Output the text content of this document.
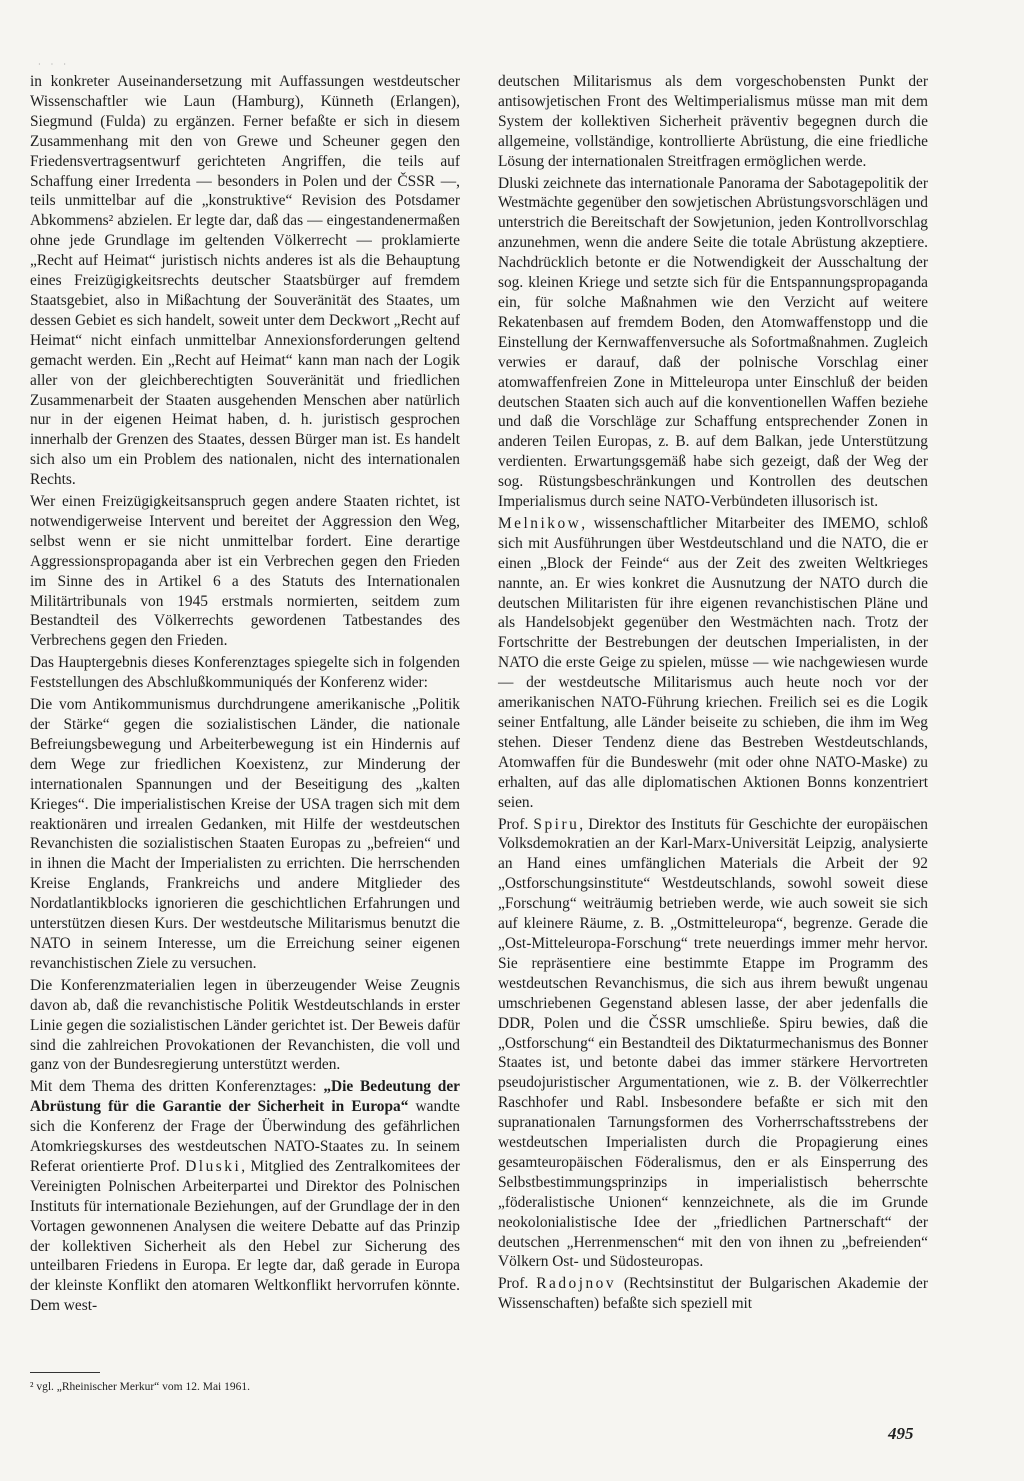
· · ·

in konkreter Auseinandersetzung mit Auffassungen westdeutscher Wissenschaftler wie Laun (Hamburg), Künneth (Erlangen), Siegmund (Fulda) zu ergänzen. Ferner befaßte er sich in diesem Zusammenhang mit den von Grewe und Scheuner gegen den Friedensvertragsentwurf gerichteten Angriffen, die teils auf Schaffung einer Irredenta — besonders in Polen und der ČSSR —, teils unmittelbar auf die „konstruktive“ Revision des Potsdamer Abkommens² abzielen. Er legte dar, daß das — eingestandenermaßen ohne jede Grundlage im geltenden Völkerrecht — proklamierte „Recht auf Heimat“ juristisch nichts anderes ist als die Behauptung eines Freizügigkeitsrechts deutscher Staatsbürger auf fremdem Staatsgebiet, also in Mißachtung der Souveränität des Staates, um dessen Gebiet es sich handelt, soweit unter dem Deckwort „Recht auf Heimat“ nicht einfach unmittelbar Annexionsforderungen geltend gemacht werden. Ein „Recht auf Heimat“ kann man nach der Logik aller von der gleichberechtigten Souveränität und friedlichen Zusammenarbeit der Staaten ausgehenden Menschen aber natürlich nur in der eigenen Heimat haben, d. h. juristisch gesprochen innerhalb der Grenzen des Staates, dessen Bürger man ist. Es handelt sich also um ein Problem des nationalen, nicht des internationalen Rechts.

Wer einen Freizügigkeitsanspruch gegen andere Staaten richtet, ist notwendigerweise Intervent und bereitet der Aggression den Weg, selbst wenn er sie nicht unmittelbar fordert. Eine derartige Aggressionspropaganda aber ist ein Verbrechen gegen den Frieden im Sinne des in Artikel 6 a des Statuts des Internationalen Militärtribunals von 1945 erstmals normierten, seitdem zum Bestandteil des Völkerrechts gewordenen Tatbestandes des Verbrechens gegen den Frieden.

Das Hauptergebnis dieses Konferenztages spiegelte sich in folgenden Feststellungen des Abschlußkommuniqués der Konferenz wider:

Die vom Antikommunismus durchdrungene amerikanische „Politik der Stärke“ gegen die sozialistischen Länder, die nationale Befreiungsbewegung und Arbeiterbewegung ist ein Hindernis auf dem Wege zur friedlichen Koexistenz, zur Minderung der internationalen Spannungen und der Beseitigung des „kalten Krieges“. Die imperialistischen Kreise der USA tragen sich mit dem reaktionären und irrealen Gedanken, mit Hilfe der westdeutschen Revanchisten die sozialistischen Staaten Europas zu „befreien“ und in ihnen die Macht der Imperialisten zu errichten. Die herrschenden Kreise Englands, Frankreichs und andere Mitglieder des Nordatlantikblocks ignorieren die geschichtlichen Erfahrungen und unterstützen diesen Kurs. Der westdeutsche Militarismus benutzt die NATO in seinem Interesse, um die Erreichung seiner eigenen revanchistischen Ziele zu versuchen.

Die Konferenzmaterialien legen in überzeugender Weise Zeugnis davon ab, daß die revanchistische Politik Westdeutschlands in erster Linie gegen die sozialistischen Länder gerichtet ist. Der Beweis dafür sind die zahlreichen Provokationen der Revanchisten, die voll und ganz von der Bundesregierung unterstützt werden.

Mit dem Thema des dritten Konferenztages: „Die Bedeutung der Abrüstung für die Garantie der Sicherheit in Europa“ wandte sich die Konferenz der Frage der Überwindung des gefährlichen Atomkriegskurses des westdeutschen NATO-Staates zu. In seinem Referat orientierte Prof. Dluski, Mitglied des Zentralkomitees der Vereinigten Polnischen Arbeiterpartei und Direktor des Polnischen Instituts für internationale Beziehungen, auf der Grundlage der in den Vortagen gewonnenen Analysen die weitere Debatte auf das Prinzip der kollektiven Sicherheit als den Hebel zur Sicherung des unteilbaren Friedens in Europa. Er legte dar, daß gerade in Europa der kleinste Konflikt den atomaren Weltkonflikt hervorrufen könnte. Dem west-

² vgl. „Rheinischer Merkur“ vom 12. Mai 1961.

deutschen Militarismus als dem vorgeschobensten Punkt der antisowjetischen Front des Weltimperialismus müsse man mit dem System der kollektiven Sicherheit präventiv begegnen durch die allgemeine, vollständige, kontrollierte Abrüstung, die eine friedliche Lösung der internationalen Streitfragen ermöglichen werde.

Dluski zeichnete das internationale Panorama der Sabotagepolitik der Westmächte gegenüber den sowjetischen Abrüstungsvorschlägen und unterstrich die Bereitschaft der Sowjetunion, jeden Kontrollvorschlag anzunehmen, wenn die andere Seite die totale Abrüstung akzeptiere. Nachdrücklich betonte er die Notwendigkeit der Ausschaltung der sog. kleinen Kriege und setzte sich für die Entspannungspropaganda ein, für solche Maßnahmen wie den Verzicht auf weitere Rekatenbasen auf fremdem Boden, den Atomwaffenstopp und die Einstellung der Kernwaffenversuche als Sofortmaßnahmen. Zugleich verwies er darauf, daß der polnische Vorschlag einer atomwaffenfreien Zone in Mitteleuropa unter Einschluß der beiden deutschen Staaten sich auch auf die konventionellen Waffen beziehe und daß die Vorschläge zur Schaffung entsprechender Zonen in anderen Teilen Europas, z. B. auf dem Balkan, jede Unterstützung verdienten. Erwartungsgemäß habe sich gezeigt, daß der Weg der sog. Rüstungsbeschränkungen und Kontrollen des deutschen Imperialismus durch seine NATO-Verbündeten illusorisch ist.

Melnikow, wissenschaftlicher Mitarbeiter des IMEMO, schloß sich mit Ausführungen über Westdeutschland und die NATO, die er einen „Block der Feinde“ aus der Zeit des zweiten Weltkrieges nannte, an. Er wies konkret die Ausnutzung der NATO durch die deutschen Militaristen für ihre eigenen revanchistischen Pläne und als Handelsobjekt gegenüber den Westmächten nach. Trotz der Fortschritte der Bestrebungen der deutschen Imperialisten, in der NATO die erste Geige zu spielen, müsse — wie nachgewiesen wurde — der westdeutsche Militarismus auch heute noch vor der amerikanischen NATO-Führung kriechen. Freilich sei es die Logik seiner Entfaltung, alle Länder beiseite zu schieben, die ihm im Weg stehen. Dieser Tendenz diene das Bestreben Westdeutschlands, Atomwaffen für die Bundeswehr (mit oder ohne NATO-Maske) zu erhalten, auf das alle diplomatischen Aktionen Bonns konzentriert seien.

Prof. Spiru, Direktor des Instituts für Geschichte der europäischen Volksdemokratien an der Karl-Marx-Universität Leipzig, analysierte an Hand eines umfänglichen Materials die Arbeit der 92 „Ostforschungsinstitute“ Westdeutschlands, sowohl soweit diese „Forschung“ weiträumig betrieben werde, wie auch soweit sie sich auf kleinere Räume, z. B. „Ostmitteleuropa“, begrenze. Gerade die „Ost-Mitteleuropa-Forschung“ trete neuerdings immer mehr hervor. Sie repräsentiere eine bestimmte Etappe im Programm des westdeutschen Revanchismus, die sich aus ihrem bewußt ungenau umschriebenen Gegenstand ablesen lasse, der aber jedenfalls die DDR, Polen und die ČSSR umschließe. Spiru bewies, daß die „Ostforschung“ ein Bestandteil des Diktaturmechanismus des Bonner Staates ist, und betonte dabei das immer stärkere Hervortreten pseudojuristischer Argumentationen, wie z. B. der Völkerrechtler Raschhofer und Rabl. Insbesondere befaßte er sich mit den supranationalen Tarnungsformen des Vorherrschaftsstrebens der westdeutschen Imperialisten durch die Propagierung eines gesamteuropäischen Föderalismus, den er als Einsperrung des Selbstbestimmungsprinzips in imperialistisch beherrschte „föderalistische Unionen“ kennzeichnete, als die im Grunde neokolonialistische Idee der „friedlichen Partnerschaft“ der deutschen „Herrenmenschen“ mit den von ihnen zu „befreienden“ Völkern Ost- und Südosteuropas.

Prof. Radojnov (Rechtsinstitut der Bulgarischen Akademie der Wissenschaften) befaßte sich speziell mit

495
